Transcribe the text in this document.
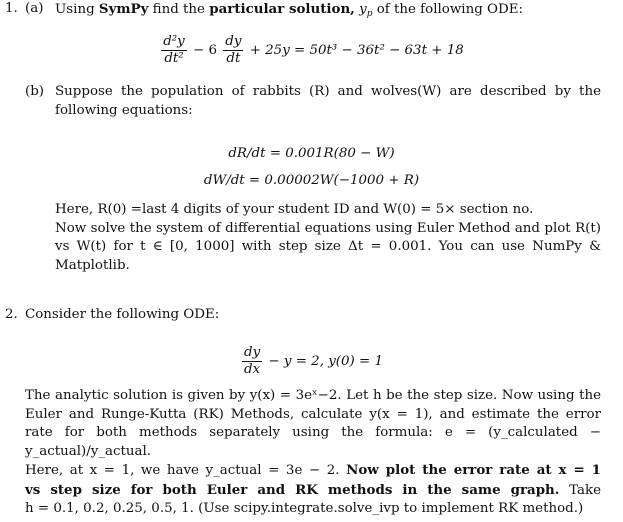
1. (a) Using SymPy find the particular solution, $y_p$ of the following ODE:
$\frac{\text{d²y}}{\text{dt²}} - 6 \frac{dy}{dt} + 25y = 50t^3 - 36t^2 - 63t + 18$
(b) Suppose the population of rabbits (R) and wolves(W) are described by the
following equations:
dR/dt = 0.001R(80 − W)
dW/dt = 0.00002W(−1000 + R)
Here, R(0) =last 4 digits of your student ID and W(0) = 5× section no.
Now solve the system of differential equations using Euler Method and plot R(t)
vs W(t) for t ∈ [0, 1000] with step size Δt = 0.001. You can use NumPy &
Matplotlib.
2. Consider the following ODE:
$\frac{dy}{dx} - y = 2$, y(0) = 1
The analytic solution is given by y(x) = 3eˣ−2. Let h be the step size. Now using the
Euler and Runge-Kutta (RK) Methods, calculate y(x = 1), and estimate the error
rate for both methods separately using the formula: e = (y_calculated − y_actual)/y_actual.
Here, at x = 1, we have y_actual = 3e − 2. Now plot the error rate at x = 1
vs step size for both Euler and RK methods in the same graph. Take
h = 0.1, 0.2, 0.25, 0.5, 1. (Use scipy.integrate.solve_ivp to implement RK method.)
